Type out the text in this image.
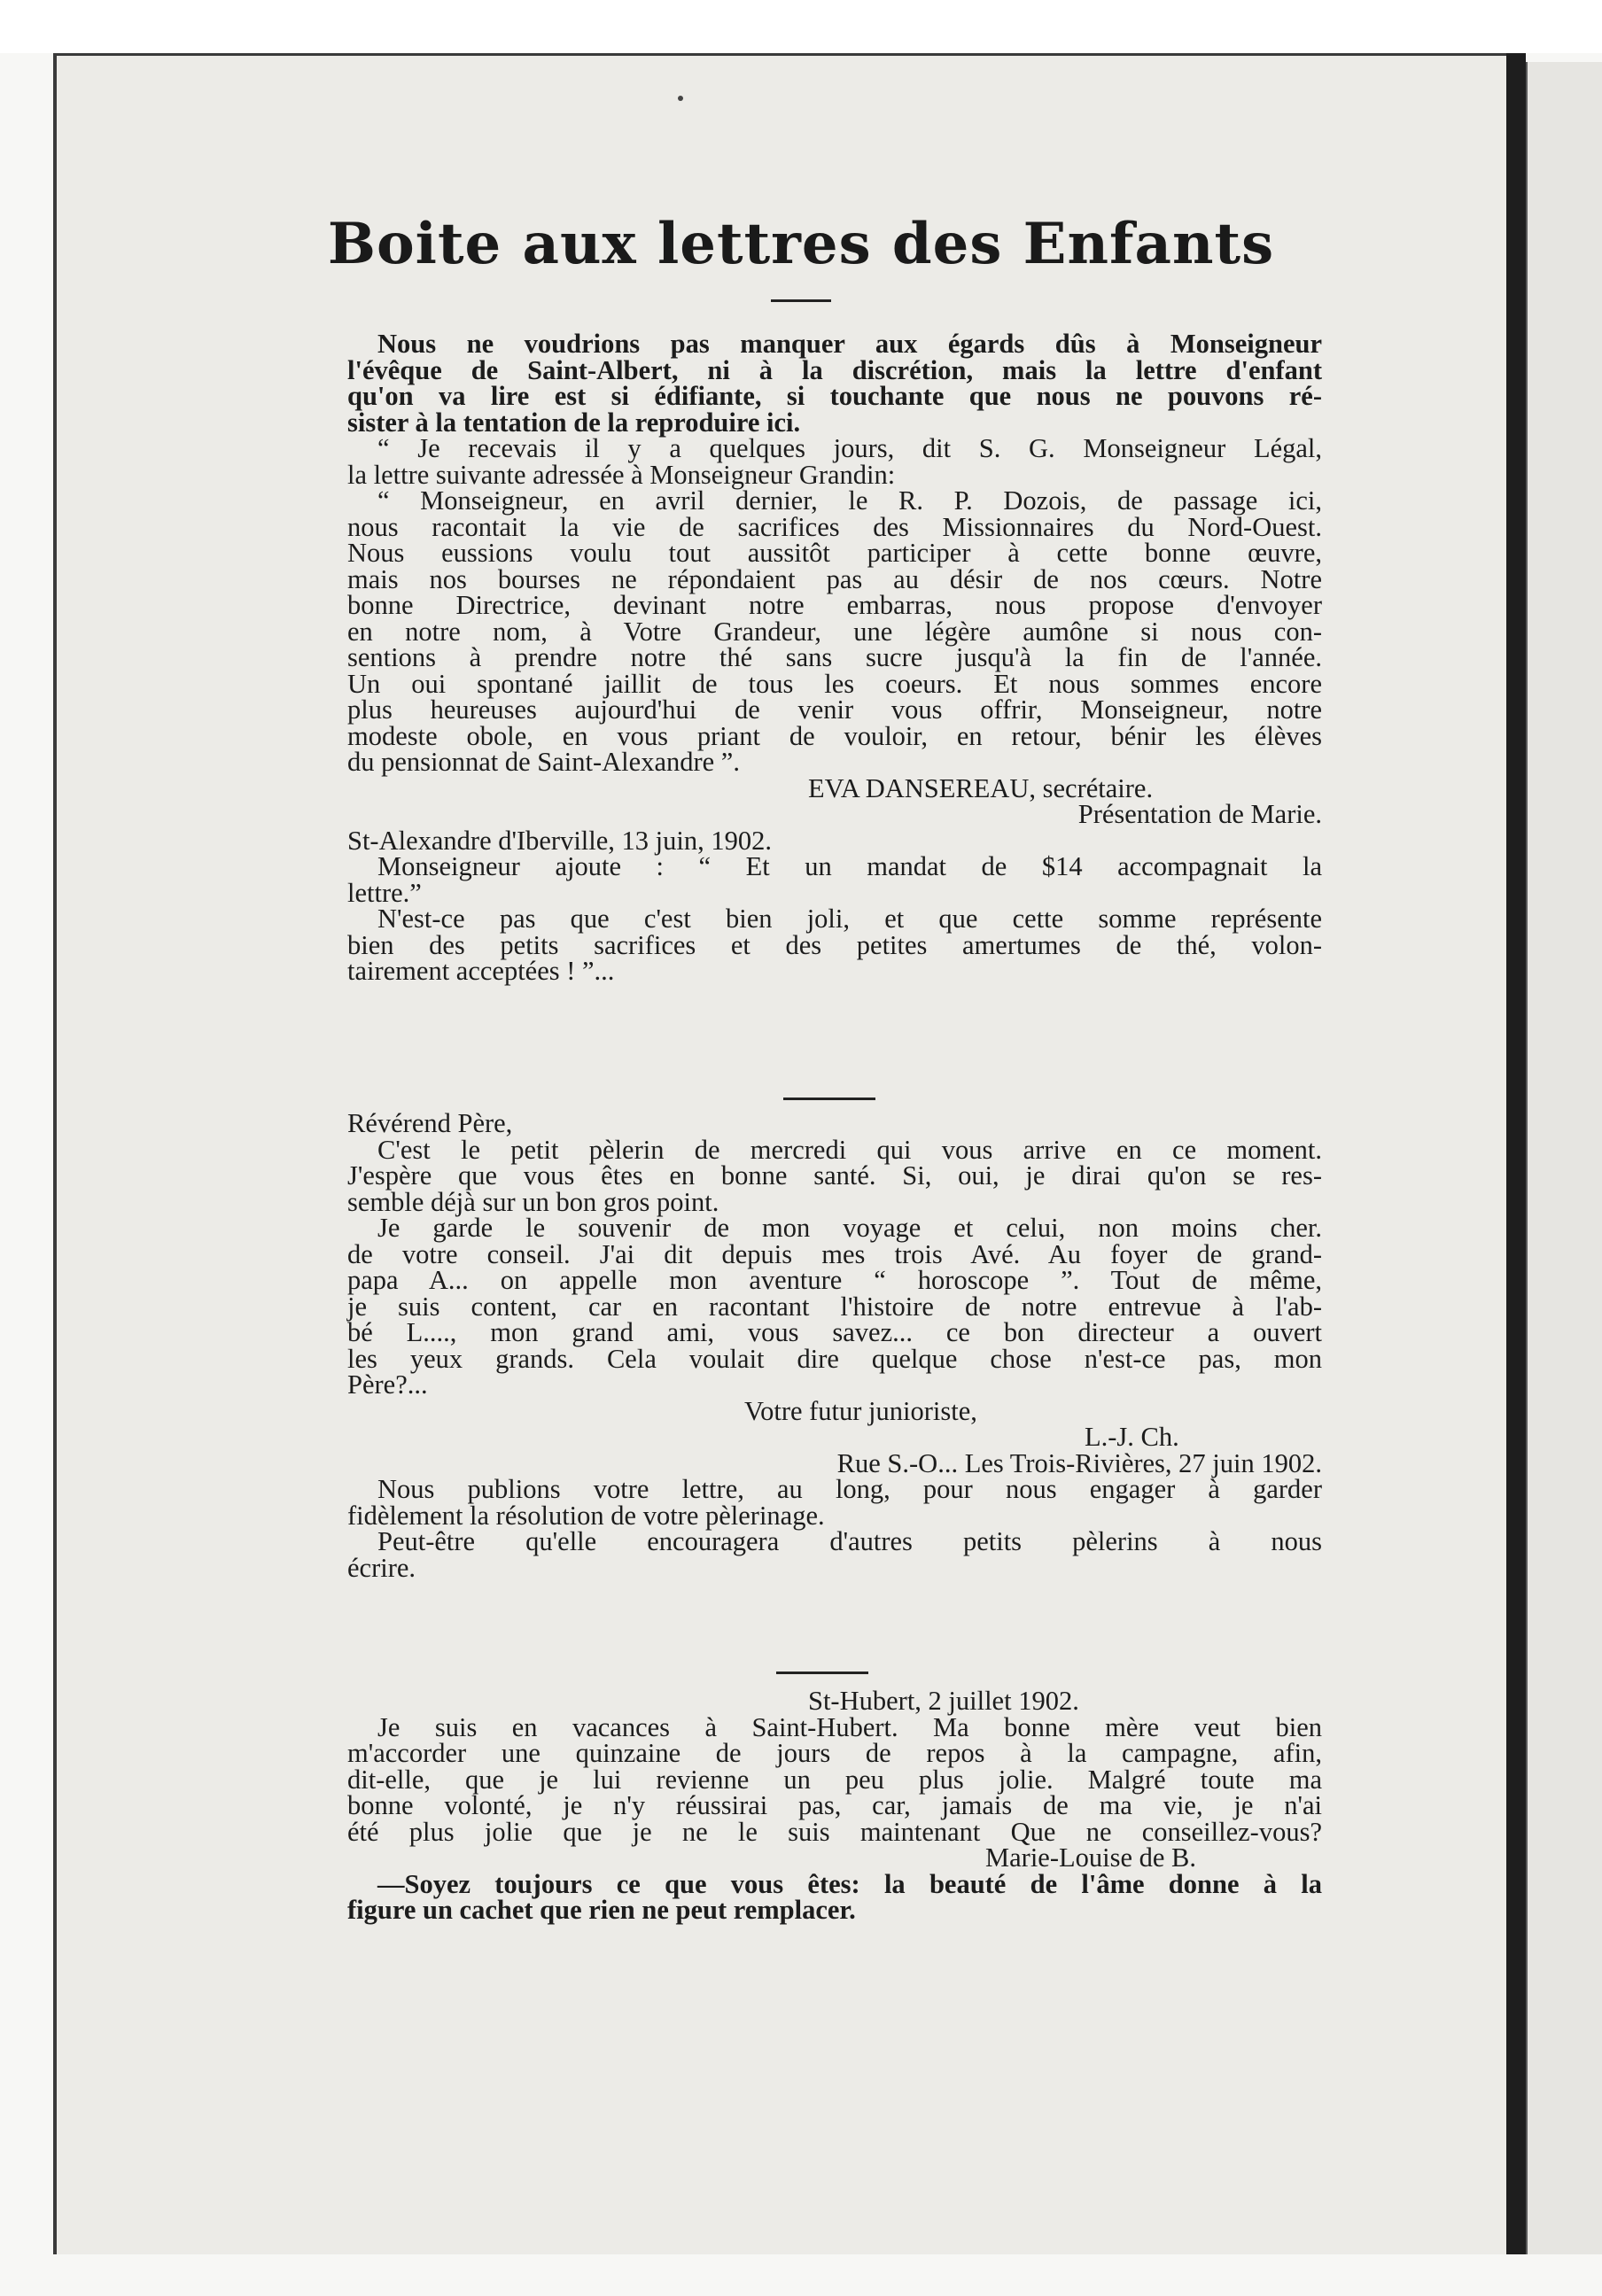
Boite aux lettres des Enfants
Nous ne voudrions pas manquer aux égards dûs à Monseigneur
l'évêque de Saint-Albert, ni à la discrétion, mais la lettre d'enfant
qu'on va lire est si édifiante, si touchante que nous ne pouvons ré-
sister à la tentation de la reproduire ici.
“ Je recevais il y a quelques jours, dit S. G. Monseigneur Légal,
la lettre suivante adressée à Monseigneur Grandin:
“ Monseigneur, en avril dernier, le R. P. Dozois, de passage ici,
nous racontait la vie de sacrifices des Missionnaires du Nord-Ouest.
Nous eussions voulu tout aussitôt participer à cette bonne œuvre,
mais nos bourses ne répondaient pas au désir de nos cœurs. Notre
bonne Directrice, devinant notre embarras, nous propose d'envoyer
en notre nom, à Votre Grandeur, une légère aumône si nous con-
sentions à prendre notre thé sans sucre jusqu'à la fin de l'année.
Un oui spontané jaillit de tous les coeurs. Et nous sommes encore
plus heureuses aujourd'hui de venir vous offrir, Monseigneur, notre
modeste obole, en vous priant de vouloir, en retour, bénir les élèves
du pensionnat de Saint-Alexandre ”.
EVA DANSEREAU, secrétaire.
Présentation de Marie.
St-Alexandre d'Iberville, 13 juin, 1902.
Monseigneur ajoute : “ Et un mandat de $14 accompagnait la
lettre.”
N'est-ce pas que c'est bien joli, et que cette somme représente
bien des petits sacrifices et des petites amertumes de thé, volon-
tairement acceptées ! ”...
Révérend Père,
C'est le petit pèlerin de mercredi qui vous arrive en ce moment.
J'espère que vous êtes en bonne santé. Si, oui, je dirai qu'on se res-
semble déjà sur un bon gros point.
Je garde le souvenir de mon voyage et celui, non moins cher.
de votre conseil. J'ai dit depuis mes trois Avé. Au foyer de grand-
papa A... on appelle mon aventure “ horoscope ”. Tout de même,
je suis content, car en racontant l'histoire de notre entrevue à l'ab-
bé L...., mon grand ami, vous savez... ce bon directeur a ouvert
les yeux grands. Cela voulait dire quelque chose n'est-ce pas, mon
Père?...
Votre futur junioriste,
L.-J. Ch.
Rue S.-O... Les Trois-Rivières, 27 juin 1902.
Nous publions votre lettre, au long, pour nous engager à garder
fidèlement la résolution de votre pèlerinage.
Peut-être qu'elle encouragera d'autres petits pèlerins à nous
écrire.
St-Hubert, 2 juillet 1902.
Je suis en vacances à Saint-Hubert. Ma bonne mère veut bien
m'accorder une quinzaine de jours de repos à la campagne, afin,
dit-elle, que je lui revienne un peu plus jolie. Malgré toute ma
bonne volonté, je n'y réussirai pas, car, jamais de ma vie, je n'ai
été plus jolie que je ne le suis maintenant Que ne conseillez-vous?
Marie-Louise de B.
—Soyez toujours ce que vous êtes: la beauté de l'âme donne à la
figure un cachet que rien ne peut remplacer.
